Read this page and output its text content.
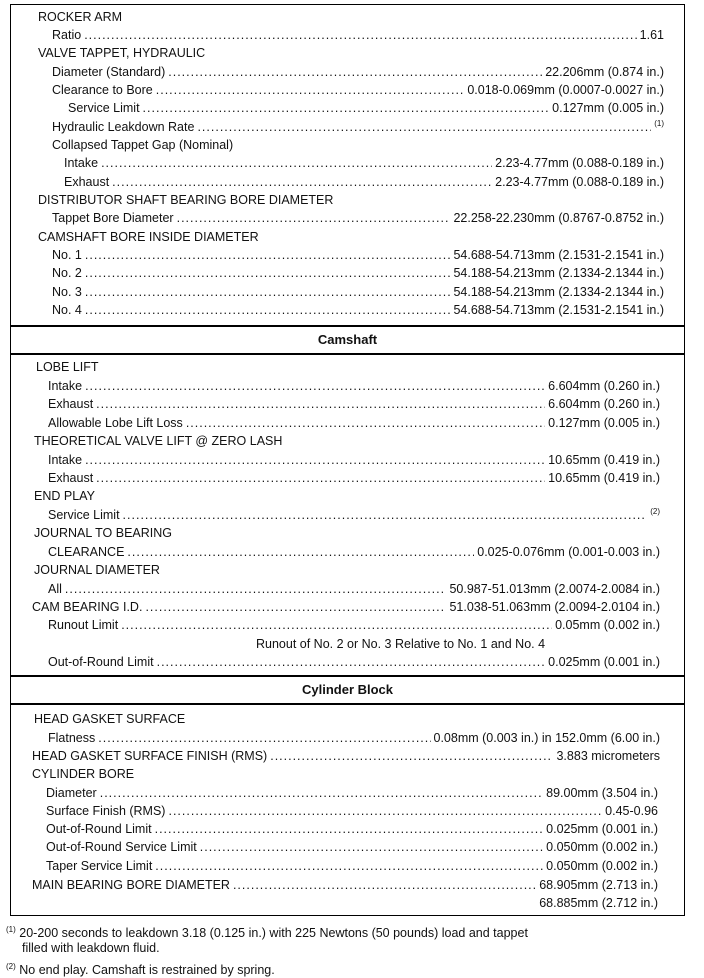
ROCKER ARM
Ratio .....	1.61
VALVE TAPPET, HYDRAULIC
Diameter (Standard) .....	22.206mm (0.874 in.)
Clearance to Bore .....	0.018-0.069mm (0.0007-0.0027 in.)
Service Limit .....	0.127mm (0.005 in.)
Hydraulic Leakdown Rate .....	(1)
Collapsed Tappet Gap (Nominal)
Intake .....	2.23-4.77mm (0.088-0.189 in.)
Exhaust .....	2.23-4.77mm (0.088-0.189 in.)
DISTRIBUTOR SHAFT BEARING BORE DIAMETER
Tappet Bore Diameter .....	22.258-22.230mm (0.8767-0.8752 in.)
CAMSHAFT BORE INSIDE DIAMETER
No. 1 .....	54.688-54.713mm (2.1531-2.1541 in.)
No. 2 .....	54.188-54.213mm (2.1334-2.1344 in.)
No. 3 .....	54.188-54.213mm (2.1334-2.1344 in.)
No. 4 .....	54.688-54.713mm (2.1531-2.1541 in.)
Camshaft
LOBE LIFT
Intake .....	6.604mm (0.260 in.)
Exhaust .....	6.604mm (0.260 in.)
Allowable Lobe Lift Loss .....	0.127mm (0.005 in.)
THEORETICAL VALVE LIFT @ ZERO LASH
Intake .....	10.65mm (0.419 in.)
Exhaust .....	10.65mm (0.419 in.)
END PLAY
Service Limit .....	(2)
JOURNAL TO BEARING
CLEARANCE .....	0.025-0.076mm (0.001-0.003 in.)
JOURNAL DIAMETER
All .....	50.987-51.013mm (2.0074-2.0084 in.)
CAM BEARING I.D. .....	51.038-51.063mm (2.0094-2.0104 in.)
Runout Limit .....	0.05mm (0.002 in.)
Runout of No. 2 or No. 3 Relative to No. 1 and No. 4
Out-of-Round Limit .....	0.025mm (0.001 in.)
Cylinder Block
HEAD GASKET SURFACE
Flatness .....	0.08mm (0.003 in.) in 152.0mm (6.00 in.)
HEAD GASKET SURFACE FINISH (RMS) .....	3.883 micrometers
CYLINDER BORE
Diameter .....	89.00mm (3.504 in.)
Surface Finish (RMS) .....	0.45-0.96
Out-of-Round Limit .....	0.025mm (0.001 in.)
Out-of-Round Service Limit .....	0.050mm (0.002 in.)
Taper Service Limit .....	0.050mm (0.002 in.)
MAIN BEARING BORE DIAMETER .....	68.905mm (2.713 in.)
68.885mm (2.712 in.)
$^{(1)}$ 20-200 seconds to leakdown 3.18 (0.125 in.) with 225 Newtons (50 pounds) load and tappet
filled with leakdown fluid.
$^{(2)}$ No end play. Camshaft is restrained by spring.
